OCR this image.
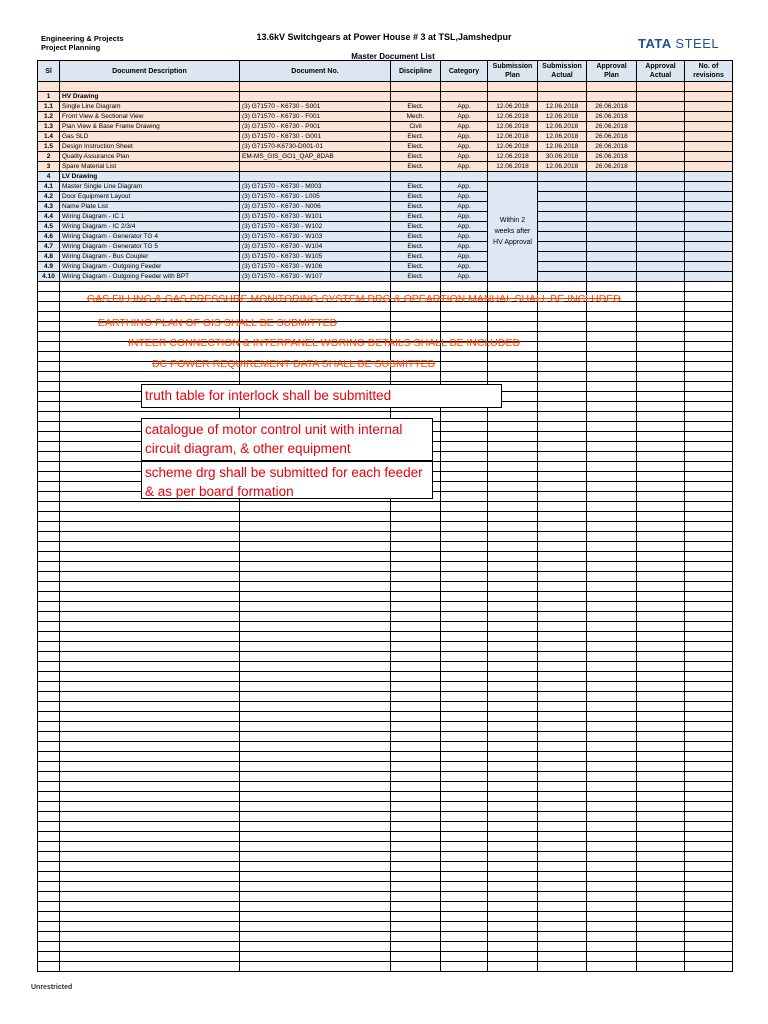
Engineering & Projects
Project Planning
13.6kV Switchgears at Power House # 3 at TSL,Jamshedpur
Master Document List
TATA STEEL
Sl	Document Description	Document No.	Discipline	Category	Submission Plan	Submission Actual	Approval Plan	Approval Actual	No. of revisions

1	HV Drawing								
1.1	Single Line Diagram	(3) G71570 - K6730 - S001	Elect.	App.	12.06.2018	12.06.2018	26.06.2018		
1.2	Front View & Sectional View	(3) G71570 - K6730 - F001	Mech.	App.	12.06.2018	12.06.2018	26.06.2018		
1.3	Plan View & Base Frame Drawing	(3) G71570 - K6730 - P001	Civil	App.	12.06.2018	12.06.2018	26.06.2018		
1.4	Gas SLD	(3) G71570 - K6730 - G001	Elect.	App.	12.06.2018	12.06.2018	26.06.2018		
1.5	Design Instruction Sheet	(3) G71570-K6730-D001-01	Elect.	App.	12.06.2018	12.06.2018	26.06.2018		
2	Quality Assurance Plan	EM-MS_GIS_GO1_QAP_8DAB	Elect.	App.	12.06.2018	30.06.2018	26.06.2018		
3	Spare Material List		Elect.	App.	12.06.2018	12.06.2018	26.06.2018		
4	LV Drawing								
4.1	Master Single Line Diagram	(3) G71570 - K6730 - M003	Elect.	App.	Within 2 weeks after HV Approval				
4.2	Door Equipment Layout	(3) G71570 - K6730 - L005	Elect.	App.					
4.3	Name Plate List	(3) G71570 - K6730 - N006	Elect.	App.					
4.4	Wiring Diagram - IC 1	(3) G71570 - K6730 - W101	Elect.	App.					
4.5	Wiring Diagram - IC 2/3/4	(3) G71570 - K6730 - W102	Elect.	App.					
4.6	Wiring Diagram - Generator TG 4	(3) G71570 - K6730 - W103	Elect.	App.					
4.7	Wiring Diagram - Generator TG 5	(3) G71570 - K6730 - W104	Elect.	App.					
4.8	Wiring Diagram - Bus Coupler	(3) G71570 - K6730 - W105	Elect.	App.					
4.9	Wiring Diagram - Outgoing Feeder	(3) G71570 - K6730 - W106	Elect.	App.					
4.10	Wiring Diagram - Outgoing Feeder with BPT	(3) G71570 - K6730 - W107	Elect.	App.					

GAS FILLING & GAS PRESSURE MONITORING SYSTEM DRG & OPEARTION MANUAL SHALL BE INCLUDED
EARTHING PLAN OF GIS SHALL BE SUBMITTED
INTEER CONNECTION & INTERPANEL WORING DETAILS SHALL BE INCLUDED
DC POWER REQUIREMENT DATA SHALL BE SUBMITTED
truth table for interlock shall be submitted
catalogue of motor control unit with internal circuit diagram, & other equipment
scheme drg shall be submitted for each feeder & as per board formation
Unrestricted
